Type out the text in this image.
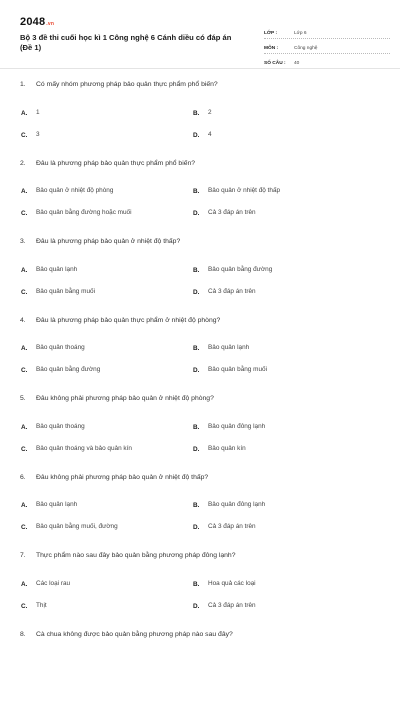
2048.vn
Bộ 3 đề thi cuối học kì 1 Công nghệ 6 Cánh diều có đáp án (Đề 1)
LỚP :	Lớp 6
MÔN :	Công nghệ
SỐ CÂU :	40
1. Có mấy nhóm phương pháp bảo quản thực phẩm phổ biến?
A.	1	B.	2
C.	3	D.	4
2. Đâu là phương pháp bảo quản thực phẩm phổ biến?
A.	Bảo quản ở nhiệt độ phòng	B.	Bảo quản ở nhiệt độ thấp
C.	Bảo quản bằng đường hoặc muối	D.	Cả 3 đáp án trên
3. Đâu là phương pháp bảo quản ở nhiệt độ thấp?
A.	Bảo quản lạnh	B.	Bảo quản bằng đường
C.	Bảo quản bằng muối	D.	Cả 3 đáp án trên
4. Đâu là phương pháp bảo quản thực phẩm ở nhiệt độ phòng?
A.	Bảo quản thoáng	B.	Bảo quản lạnh
C.	Bảo quản bằng đường	D.	Bảo quản bằng muối
5. Đâu không phải phương pháp bảo quản ở nhiệt độ phòng?
A.	Bảo quản thoáng	B.	Bảo quản đông lạnh
C.	Bảo quản thoáng và bảo quản kín	D.	Bảo quản kín
6. Đâu không phải phương pháp bảo quản ở nhiệt độ thấp?
A.	Bảo quản lạnh	B.	Bảo quản đông lạnh
C.	Bảo quản bằng muối, đường	D.	Cả 3 đáp án trên
7. Thực phẩm nào sau đây bảo quản bằng phương pháp đông lạnh?
A.	Các loại rau	B.	Hoa quả các loại
C.	Thịt	D.	Cả 3 đáp án trên
8. Cà chua không được bảo quản bằng phương pháp nào sau đây?
